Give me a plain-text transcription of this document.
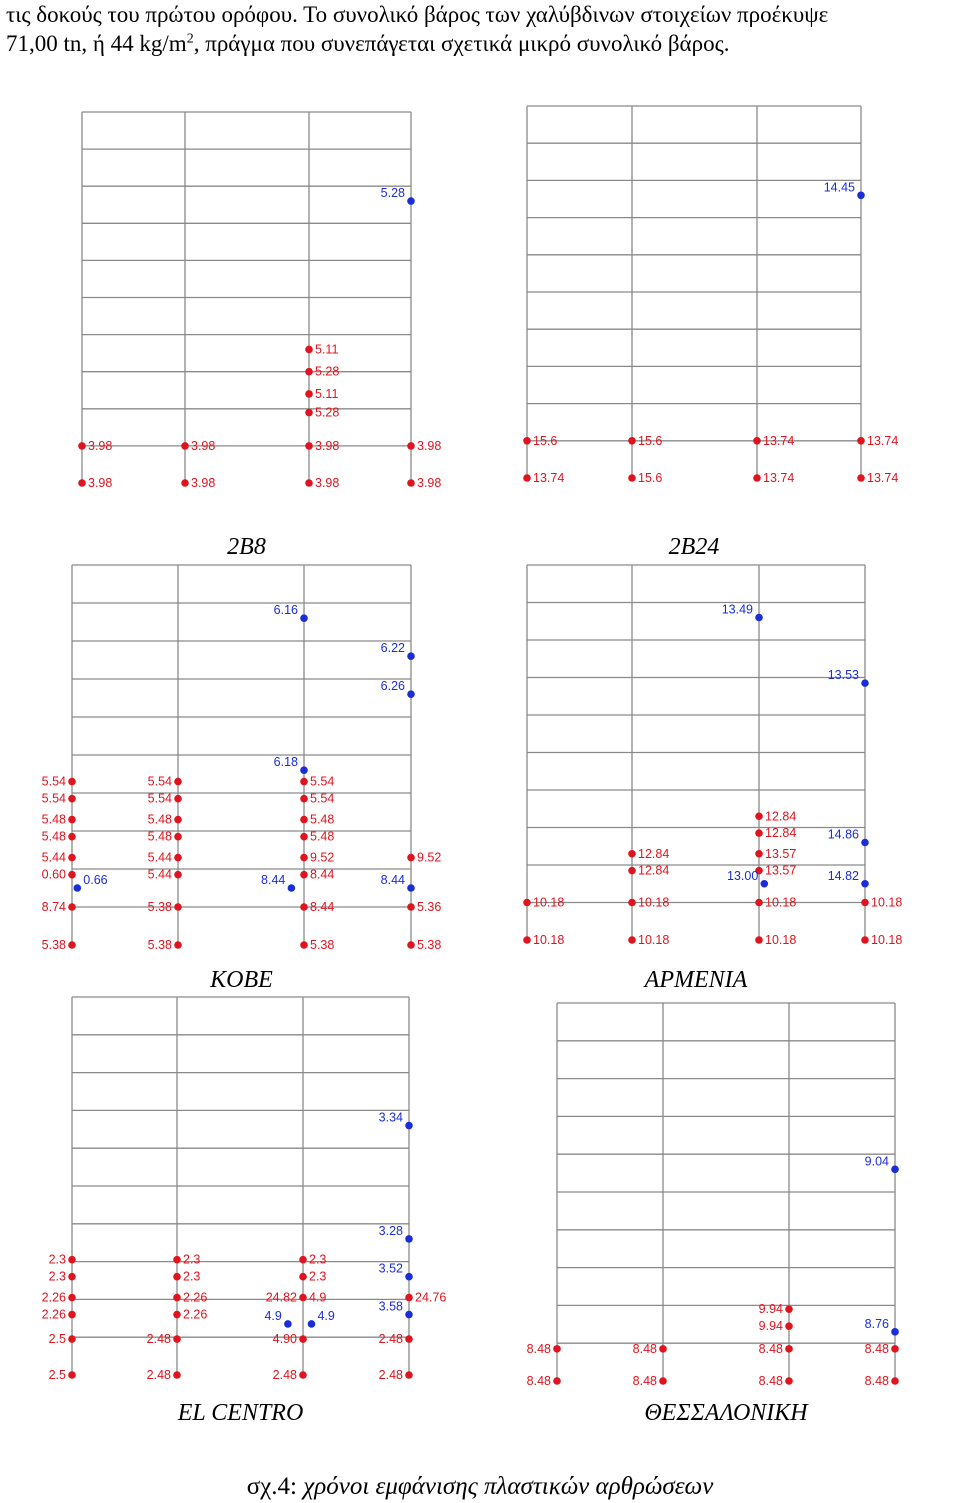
τις δοκούς του πρώτου ορόφου. Το συνολικό βάρος των χαλύβδινων στοιχείων προέκυψε
71,00 tn, ή 44 $kg/m^2$, πράγμα που συνεπάγεται σχετικά μικρό συνολικό βάρος.
5.28
5.11
5.28
5.11
5.28
3.98
3.98
3.98
3.98
3.98
3.98
3.98
3.98
2B8
14.45
15.6
13.74
15.6
15.6
13.74
13.74
13.74
13.74
2B24
6.16
6.22
6.26
6.18
5.54
5.54
5.48
5.48
5.44
0.60
8.74
5.38
0.66
5.54
5.54
5.48
5.48
5.44
5.44
5.38
5.38
5.54
5.54
5.48
5.48
9.52
8.44
8.44
5.38
8.44	8.44
9.52
5.36
5.38
KOBE
13.49
13.53
12.84
12.84	14.86
13.57
13.57
13.00	14.82
12.84
12.84
10.18
10.18
10.18
10.18
10.18
10.18
10.18
10.18
ΑΡΜΕΝΙΑ
3.34
3.28
3.52
3.58
2.3
2.3
2.26
2.26
2.5
2.5
2.3
2.3
2.26
2.26
2.48
2.48
2.3
2.3
24.82 4.9
4.9	4.9
4.90
2.48
24.76
2.48
2.48
EL CENTRO
9.04
9.94
9.94	8.76
8.48
8.48
8.48
8.48
8.48
8.48
8.48
8.48
ΘΕΣΣΑΛΟΝΙΚΗ
σχ.4: χρόνοι εμφάνισης πλαστικών αρθρώσεων
